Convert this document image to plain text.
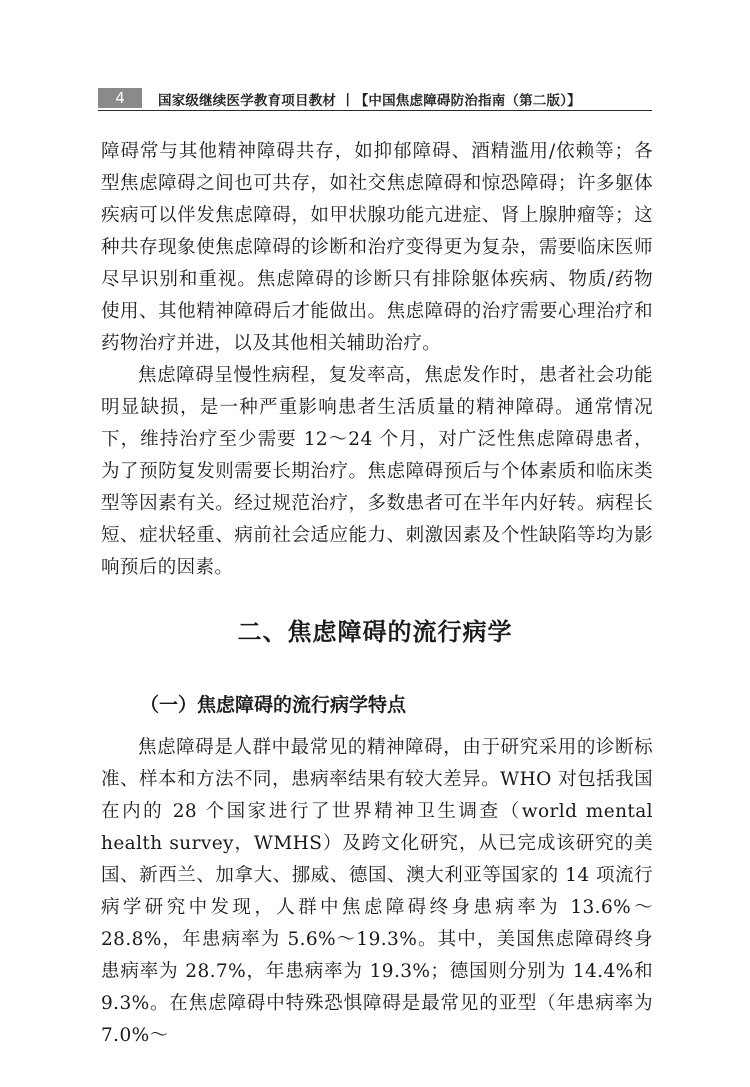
4	国家级继续医学教育项目教材 丨【中国焦虑障碍防治指南（第二版）】

障碍常与其他精神障碍共存，如抑郁障碍、酒精滥用/依赖等；各型焦虑障碍之间也可共存，如社交焦虑障碍和惊恐障碍；许多躯体疾病可以伴发焦虑障碍，如甲状腺功能亢进症、肾上腺肿瘤等；这种共存现象使焦虑障碍的诊断和治疗变得更为复杂，需要临床医师尽早识别和重视。焦虑障碍的诊断只有排除躯体疾病、物质/药物使用、其他精神障碍后才能做出。焦虑障碍的治疗需要心理治疗和药物治疗并进，以及其他相关辅助治疗。

焦虑障碍呈慢性病程，复发率高，焦虑发作时，患者社会功能明显缺损，是一种严重影响患者生活质量的精神障碍。通常情况下，维持治疗至少需要 12～24 个月，对广泛性焦虑障碍患者，为了预防复发则需要长期治疗。焦虑障碍预后与个体素质和临床类型等因素有关。经过规范治疗，多数患者可在半年内好转。病程长短、症状轻重、病前社会适应能力、刺激因素及个性缺陷等均为影响预后的因素。

二、焦虑障碍的流行病学
（一）焦虑障碍的流行病学特点

焦虑障碍是人群中最常见的精神障碍，由于研究采用的诊断标准、样本和方法不同，患病率结果有较大差异。WHO 对包括我国在内的 28 个国家进行了世界精神卫生调查（world mental health survey，WMHS）及跨文化研究，从已完成该研究的美国、新西兰、加拿大、挪威、德国、澳大利亚等国家的 14 项流行病学研究中发现，人群中焦虑障碍终身患病率为 13.6%～28.8%，年患病率为 5.6%～19.3%。其中，美国焦虑障碍终身患病率为 28.7%，年患病率为 19.3%；德国则分别为 14.4%和 9.3%。在焦虑障碍中特殊恐惧障碍是最常见的亚型（年患病率为 7.0%～
